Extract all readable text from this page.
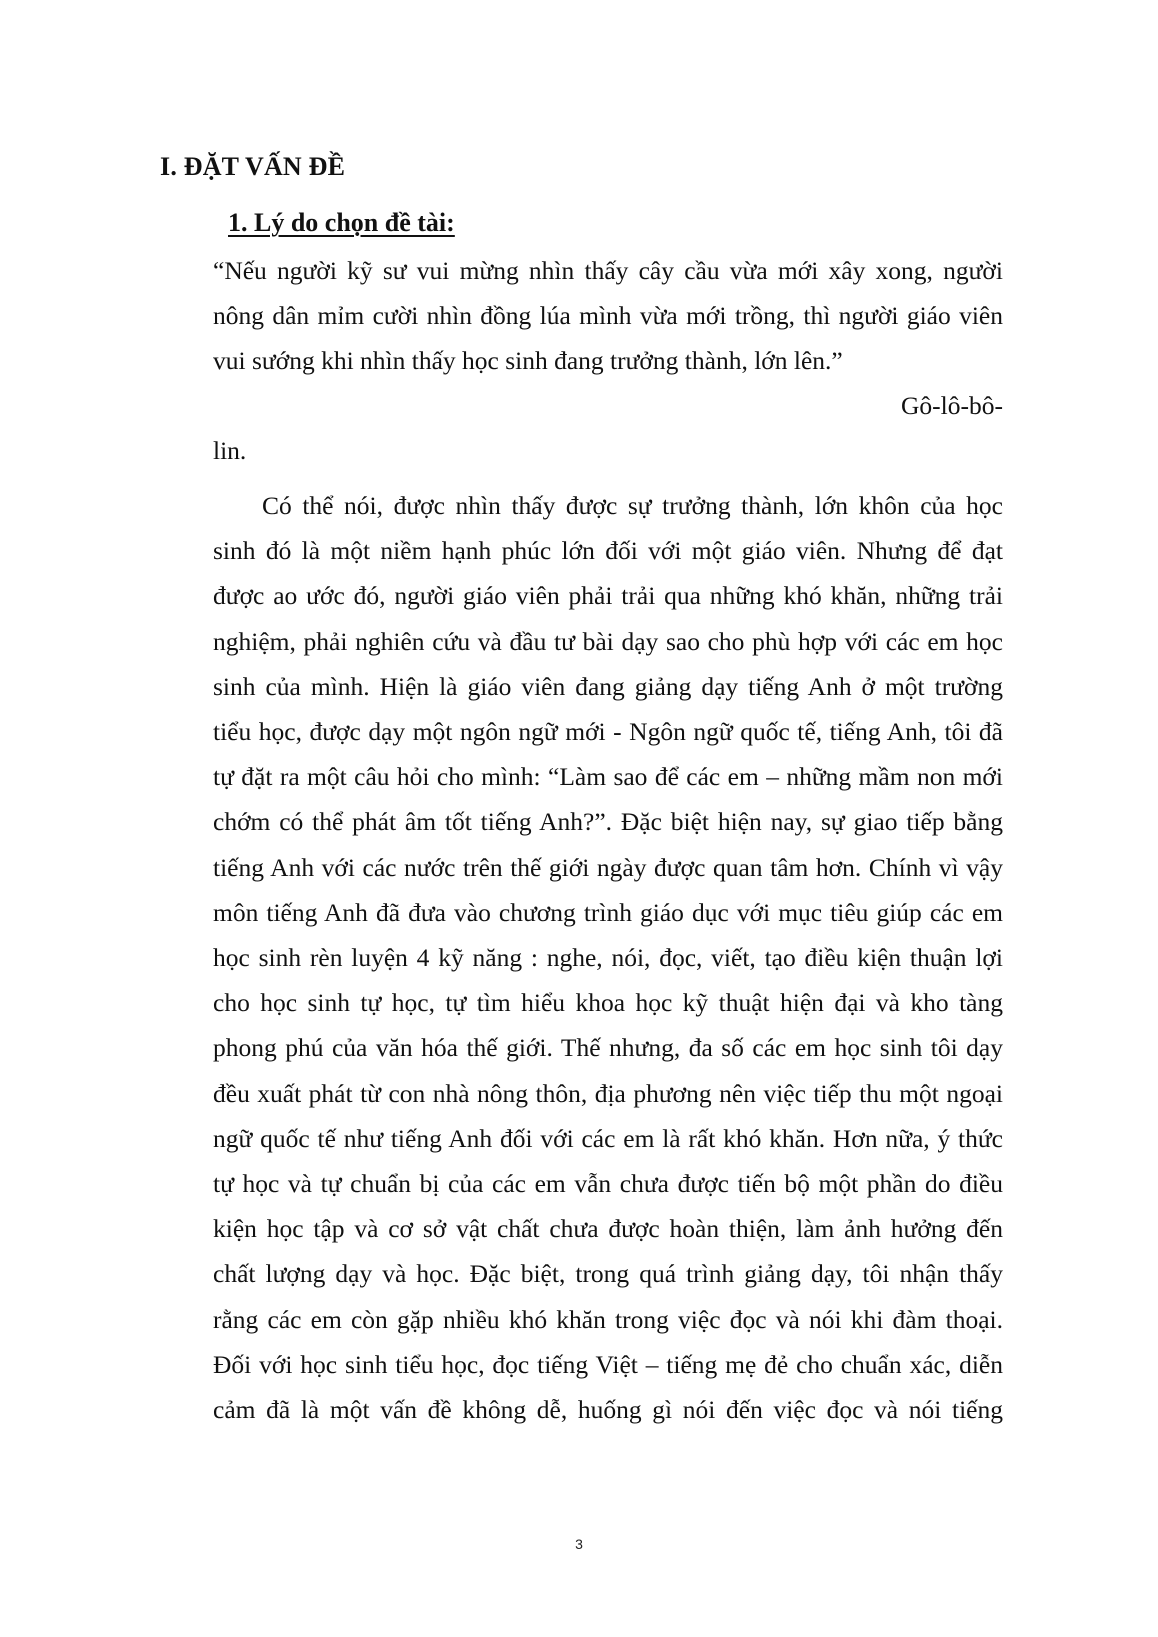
I. ĐẶT VẤN ĐỀ
1. Lý do chọn đề tài:
“Nếu người kỹ sư vui mừng nhìn thấy cây cầu vừa mới xây xong, người
nông dân mỉm cười nhìn đồng lúa mình vừa mới trồng, thì người giáo viên
vui sướng khi nhìn thấy học sinh đang trưởng thành, lớn lên.”
Gô-lô-bô-
lin.
Có thể nói, được nhìn thấy được sự trưởng thành, lớn khôn của học
sinh đó là một niềm hạnh phúc lớn đối với một giáo viên. Nhưng để đạt
được ao ước đó, người giáo viên phải trải qua những khó khăn, những trải
nghiệm, phải nghiên cứu và đầu tư bài dạy sao cho phù hợp với các em học
sinh của mình. Hiện là giáo viên đang giảng dạy tiếng Anh ở một trường
tiểu học, được dạy một ngôn ngữ mới - Ngôn ngữ quốc tế, tiếng Anh, tôi đã
tự đặt ra một câu hỏi cho mình: “Làm sao để các em – những mầm non mới
chớm có thể phát âm tốt tiếng Anh?”. Đặc biệt hiện nay, sự giao tiếp bằng
tiếng Anh với các nước trên thế giới ngày được quan tâm hơn. Chính vì vậy
môn tiếng Anh đã đưa vào chương trình giáo dục với mục tiêu giúp các em
học sinh rèn luyện 4 kỹ năng : nghe, nói, đọc, viết, tạo điều kiện thuận lợi
cho học sinh tự học, tự tìm hiểu khoa học kỹ thuật hiện đại và kho tàng
phong phú của văn hóa thế giới. Thế nhưng, đa số các em học sinh tôi dạy
đều xuất phát từ con nhà nông thôn, địa phương nên việc tiếp thu một ngoại
ngữ quốc tế như tiếng Anh đối với các em là rất khó khăn. Hơn nữa, ý thức
tự học và tự chuẩn bị của các em vẫn chưa được tiến bộ một phần do điều
kiện học tập và cơ sở vật chất chưa được hoàn thiện, làm ảnh hưởng đến
chất lượng dạy và học. Đặc biệt, trong quá trình giảng dạy, tôi nhận thấy
rằng các em còn gặp nhiều khó khăn trong việc đọc và nói khi đàm thoại.
Đối với học sinh tiểu học, đọc tiếng Việt – tiếng mẹ đẻ cho chuẩn xác, diễn
cảm đã là một vấn đề không dễ, huống gì nói đến việc đọc và nói tiếng
3
